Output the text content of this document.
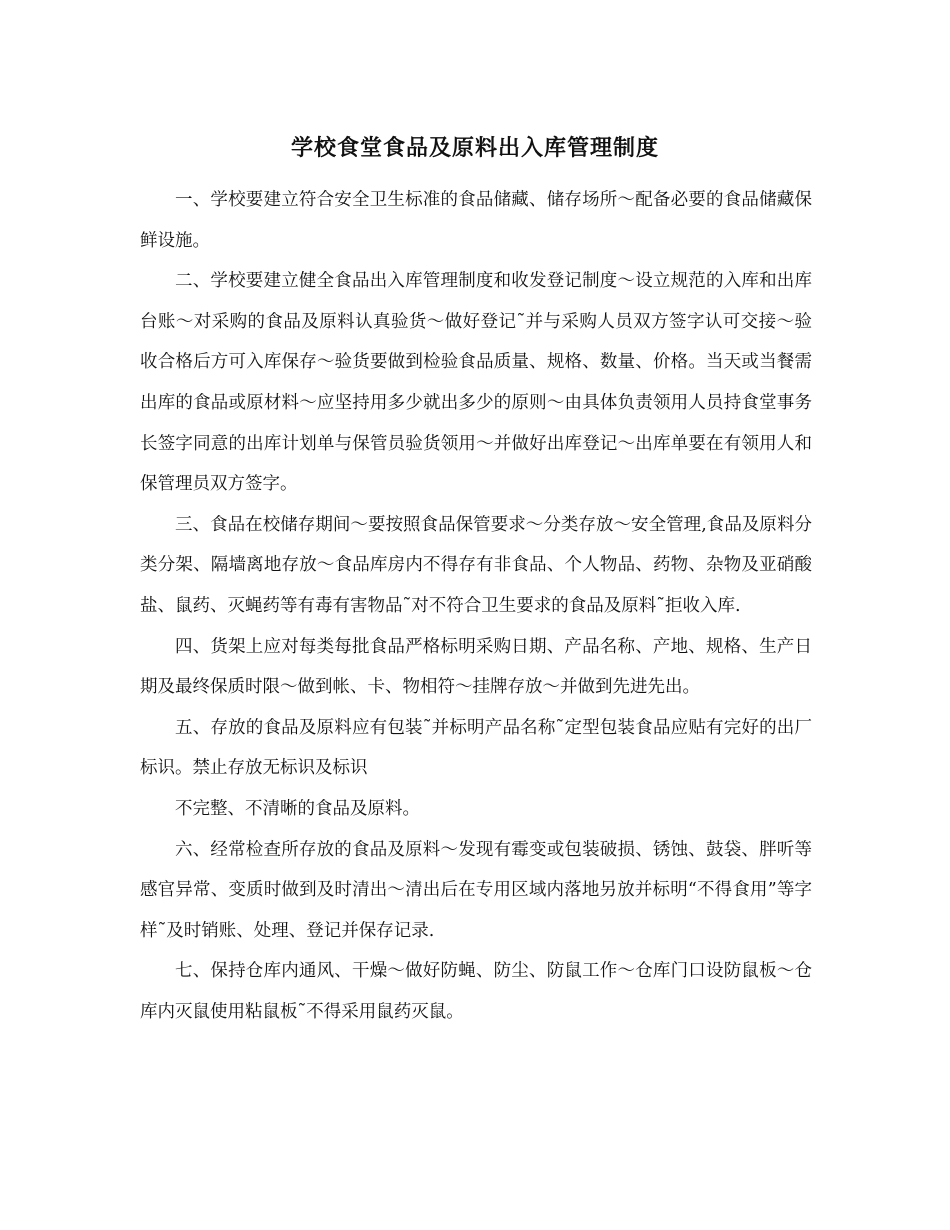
学校食堂食品及原料出入库管理制度

一、学校要建立符合安全卫生标准的食品储藏、储存场所～配备必要的食品储藏保鲜设施。

二、学校要建立健全食品出入库管理制度和收发登记制度～设立规范的入库和出库台账～对采购的食品及原料认真验货～做好登记˜并与采购人员双方签字认可交接～验收合格后方可入库保存～验货要做到检验食品质量、规格、数量、价格。当天或当餐需出库的食品或原材料～应坚持用多少就出多少的原则～由具体负责领用人员持食堂事务长签字同意的出库计划单与保管员验货领用～并做好出库登记～出库单要在有领用人和保管理员双方签字。

三、食品在校储存期间～要按照食品保管要求～分类存放～安全管理,食品及原料分类分架、隔墙离地存放～食品库房内不得存有非食品、个人物品、药物、杂物及亚硝酸盐、鼠药、灭蝇药等有毒有害物品˜对不符合卫生要求的食品及原料˜拒收入库.

四、货架上应对每类每批食品严格标明采购日期、产品名称、产地、规格、生产日期及最终保质时限～做到帐、卡、物相符～挂牌存放～并做到先进先出。

五、存放的食品及原料应有包装˜并标明产品名称˜定型包装食品应贴有完好的出厂标识。禁止存放无标识及标识

不完整、不清晰的食品及原料。

六、经常检查所存放的食品及原料～发现有霉变或包装破损、锈蚀、鼓袋、胖听等感官异常、变质时做到及时清出～清出后在专用区域内落地另放并标明“不得食用”等字样˜及时销账、处理、登记并保存记录.

七、保持仓库内通风、干燥～做好防蝇、防尘、防鼠工作～仓库门口设防鼠板～仓库内灭鼠使用粘鼠板˜不得采用鼠药灭鼠。
